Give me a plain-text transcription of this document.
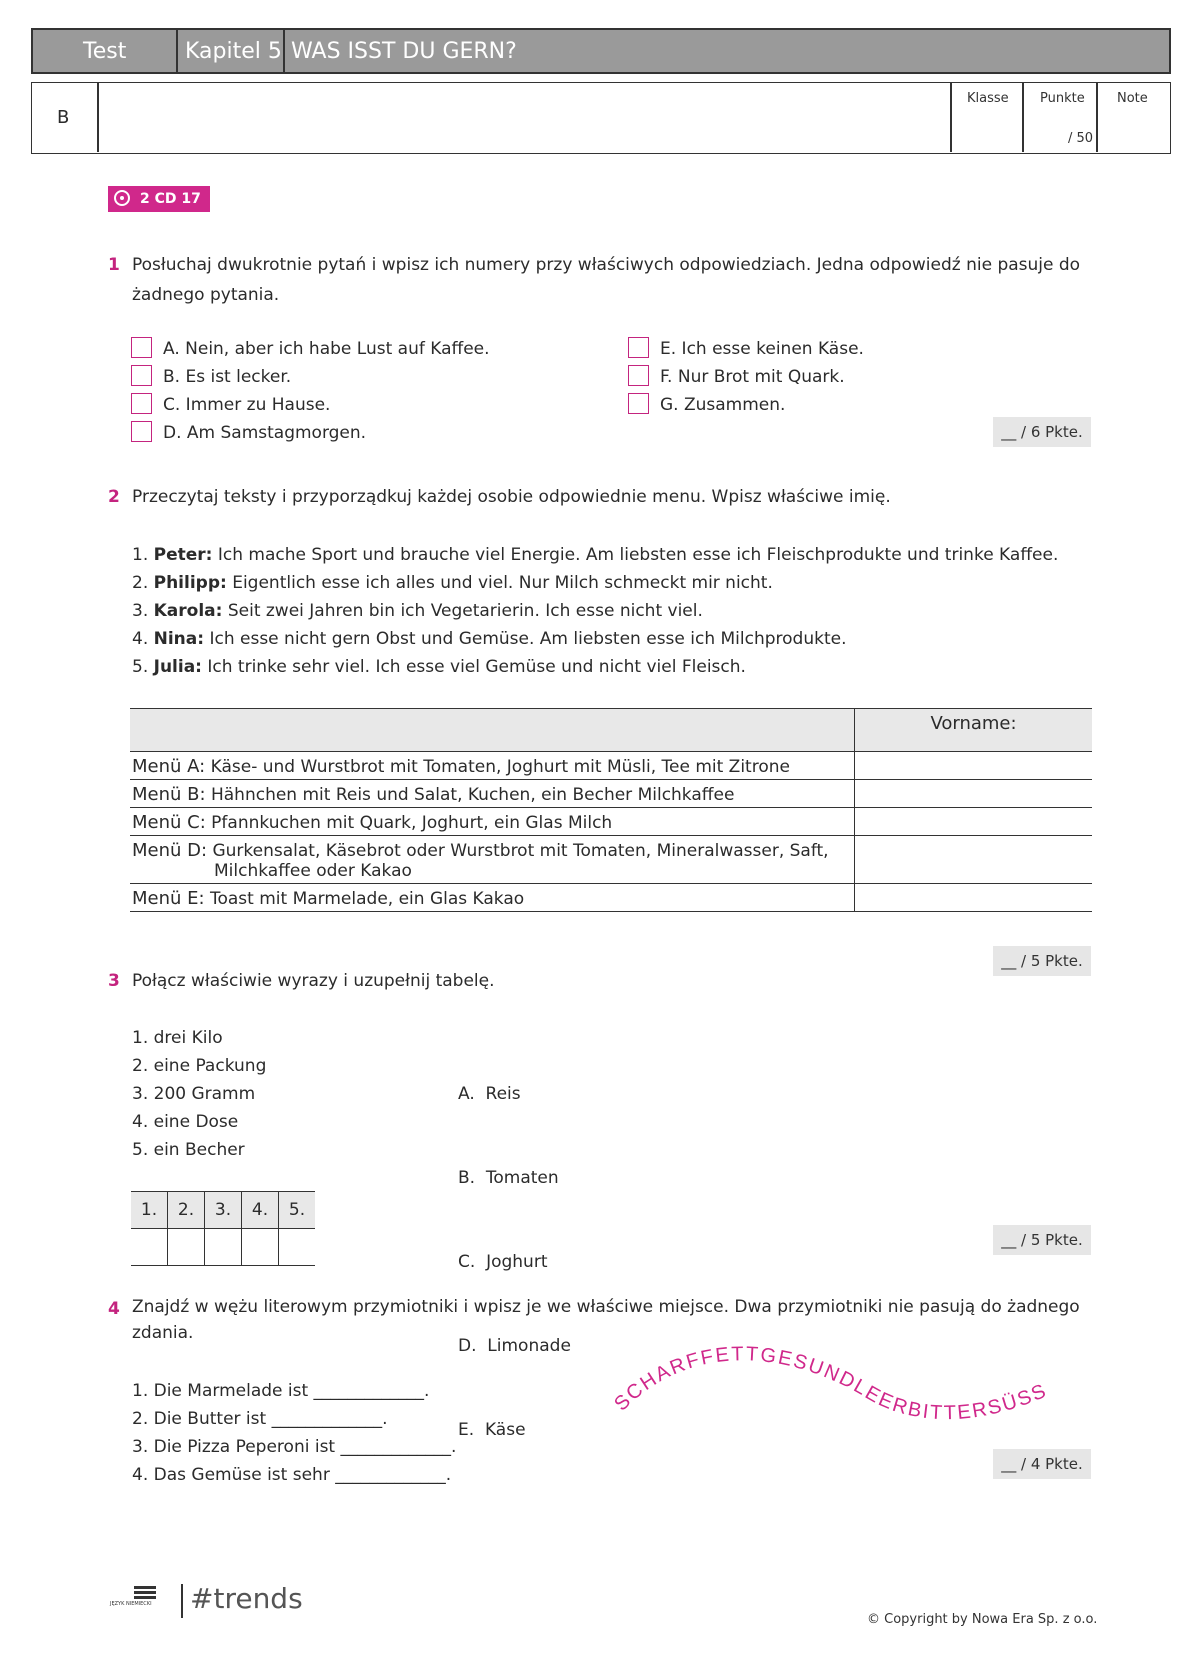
Test	Kapitel 5 WAS ISST DU GERN?
B
Klasse Punkte
/ 50
Note
2 CD 17
1 Posłuchaj dwukrotnie pytań i wpisz ich numery przy właściwych odpowiedziach. Jedna odpowiedź nie pasuje do
żadnego pytania.
A. Nein, aber ich habe Lust auf Kaffee.
B. Es ist lecker.
C. Immer zu Hause.
D. Am Samstagmorgen.
E. Ich esse keinen Käse.
F. Nur Brot mit Quark.
G. Zusammen.
__ / 6 Pkte.
2 Przeczytaj teksty i przyporządkuj każdej osobie odpowiednie menu. Wpisz właściwe imię.
1. Peter: Ich mache Sport und brauche viel Energie. Am liebsten esse ich Fleischprodukte und trinke Kaffee.
2. Philipp: Eigentlich esse ich alles und viel. Nur Milch schmeckt mir nicht.
3. Karola: Seit zwei Jahren bin ich Vegetarierin. Ich esse nicht viel.
4. Nina: Ich esse nicht gern Obst und Gemüse. Am liebsten esse ich Milchprodukte.
5. Julia: Ich trinke sehr viel. Ich esse viel Gemüse und nicht viel Fleisch.
	Vorname:
Menü A: Käse- und Wurstbrot mit Tomaten, Joghurt mit Müsli, Tee mit Zitrone	
Menü B: Hähnchen mit Reis und Salat, Kuchen, ein Becher Milchkaffee	
Menü C: Pfannkuchen mit Quark, Joghurt, ein Glas Milch	
Menü D: Gurkensalat, Käsebrot oder Wurstbrot mit Tomaten, Mineralwasser, Saft,
Milchkaffee oder Kakao	
Menü E: Toast mit Marmelade, ein Glas Kakao	
__ / 5 Pkte.
3 Połącz właściwie wyrazy i uzupełnij tabelę.
1. drei Kilo
2. eine Packung
3. 200 Gramm
4. eine Dose
5. ein Becher

A.  Reis

B.  Tomaten

C.  Joghurt

D.  Limonade

E.  Käse

1.	2.	3.	4.	5.

__ / 5 Pkte.
4 Znajdź w wężu literowym przymiotniki i wpisz je we właściwe miejsce. Dwa przymiotniki nie pasują do żadnego
zdania.
1. Die Marmelade ist _____________.
2. Die Butter ist _____________.
3. Die Pizza Peperoni ist _____________.
4. Das Gemüse ist sehr _____________.
SCHARFFETTGESUNDLEERBITTERSÜSS
__ / 4 Pkte.
JĘZYK NIEMIECKI #trends
© Copyright by Nowa Era Sp. z o.o.
